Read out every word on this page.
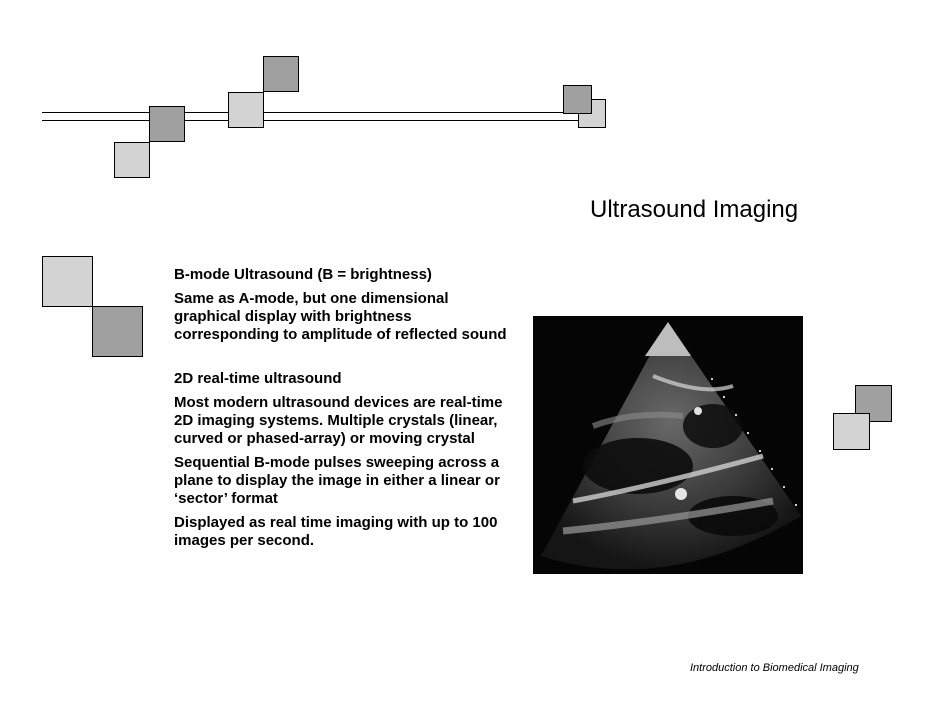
Ultrasound Imaging

B-mode Ultrasound (B = brightness)

Same as A-mode, but one dimensional graphical display with brightness corresponding to amplitude of reflected sound

2D real-time ultrasound

Most modern ultrasound devices are real-time 2D imaging systems. Multiple crystals (linear, curved or phased-array) or moving crystal

Sequential B-mode pulses sweeping across a plane to display the image in either a linear or ‘sector’ format

Displayed as real time imaging with up to 100 images per second.

Introduction to Biomedical Imaging
